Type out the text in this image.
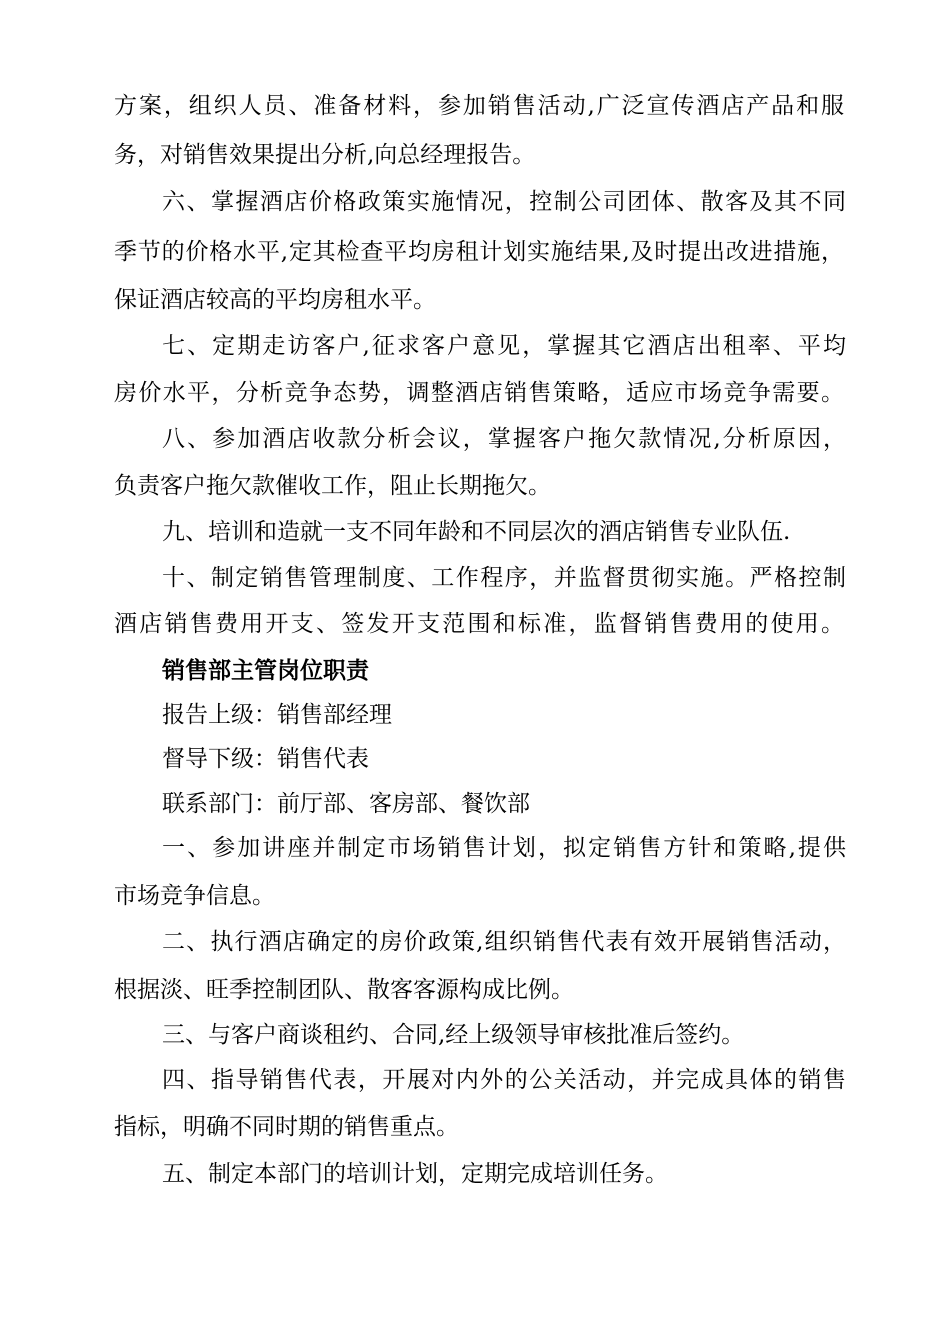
方案，组织人员、准备材料，参加销售活动,广泛宣传酒店产品和服
务，对销售效果提出分析,向总经理报告。
六、掌握酒店价格政策实施情况，控制公司团体、散客及其不同
季节的价格水平,定其检查平均房租计划实施结果,及时提出改进措施，
保证酒店较高的平均房租水平。
七、定期走访客户,征求客户意见，掌握其它酒店出租率、平均
房价水平，分析竞争态势，调整酒店销售策略，适应市场竞争需要。
八、参加酒店收款分析会议，掌握客户拖欠款情况,分析原因，
负责客户拖欠款催收工作，阻止长期拖欠。
九、培训和造就一支不同年龄和不同层次的酒店销售专业队伍.
十、制定销售管理制度、工作程序，并监督贯彻实施。严格控制
酒店销售费用开支、签发开支范围和标准，监督销售费用的使用。
销售部主管岗位职责
报告上级：销售部经理
督导下级：销售代表
联系部门：前厅部、客房部、餐饮部
一、参加讲座并制定市场销售计划，拟定销售方针和策略,提供
市场竞争信息。
二、执行酒店确定的房价政策,组织销售代表有效开展销售活动，
根据淡、旺季控制团队、散客客源构成比例。
三、与客户商谈租约、合同,经上级领导审核批准后签约。
四、指导销售代表，开展对内外的公关活动，并完成具体的销售
指标，明确不同时期的销售重点。
五、制定本部门的培训计划，定期完成培训任务。
